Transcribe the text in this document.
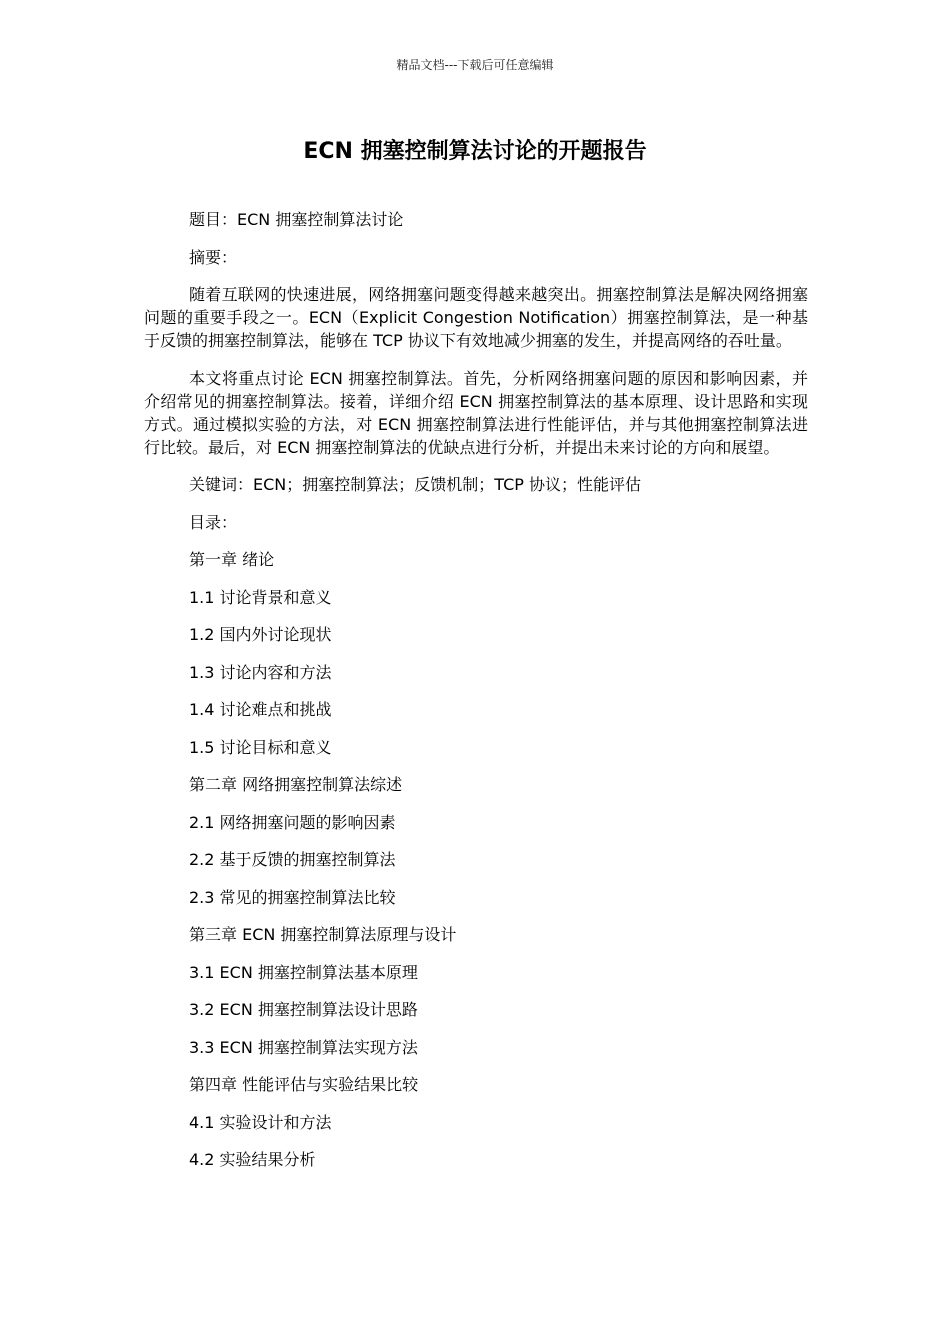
精品文档---下载后可任意编辑
ECN 拥塞控制算法讨论的开题报告

题目：ECN 拥塞控制算法讨论

摘要：

随着互联网的快速进展，网络拥塞问题变得越来越突出。拥塞控制算法是解决网络拥塞问题的重要手段之一。ECN（Explicit Congestion Notification）拥塞控制算法，是一种基于反馈的拥塞控制算法，能够在 TCP 协议下有效地减少拥塞的发生，并提高网络的吞吐量。

本文将重点讨论 ECN 拥塞控制算法。首先，分析网络拥塞问题的原因和影响因素，并介绍常见的拥塞控制算法。接着，详细介绍 ECN 拥塞控制算法的基本原理、设计思路和实现方式。通过模拟实验的方法，对 ECN 拥塞控制算法进行性能评估，并与其他拥塞控制算法进行比较。最后，对 ECN 拥塞控制算法的优缺点进行分析，并提出未来讨论的方向和展望。

关键词：ECN；拥塞控制算法；反馈机制；TCP 协议；性能评估

目录：

第一章 绪论
1.1 讨论背景和意义
1.2 国内外讨论现状
1.3 讨论内容和方法
1.4 讨论难点和挑战
1.5 讨论目标和意义
第二章 网络拥塞控制算法综述
2.1 网络拥塞问题的影响因素
2.2 基于反馈的拥塞控制算法
2.3 常见的拥塞控制算法比较
第三章 ECN 拥塞控制算法原理与设计
3.1 ECN 拥塞控制算法基本原理
3.2 ECN 拥塞控制算法设计思路
3.3 ECN 拥塞控制算法实现方法
第四章 性能评估与实验结果比较
4.1 实验设计和方法
4.2 实验结果分析
